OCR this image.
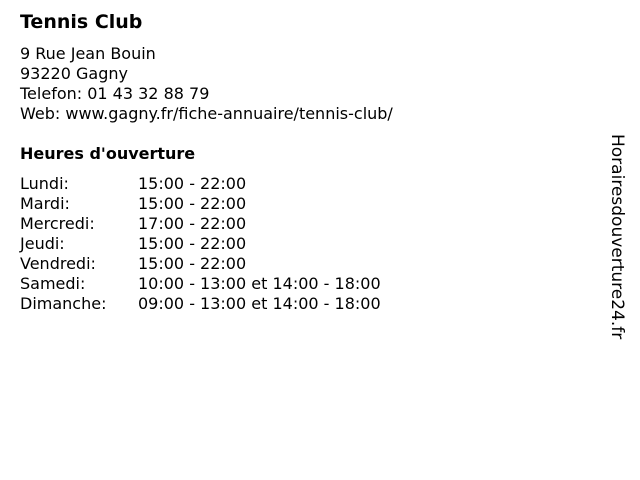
Tennis Club
9 Rue Jean Bouin
93220 Gagny
Telefon: 01 43 32 88 79
Web: www.gagny.fr/fiche-annuaire/tennis-club/
Heures d'ouverture
Lundi:	15:00 - 22:00
Mardi:	15:00 - 22:00
Mercredi:	17:00 - 22:00
Jeudi:	15:00 - 22:00
Vendredi:	15:00 - 22:00
Samedi:	10:00 - 13:00 et 14:00 - 18:00
Dimanche: 09:00 - 13:00 et 14:00 - 18:00	Horairesdouverture24.fr
